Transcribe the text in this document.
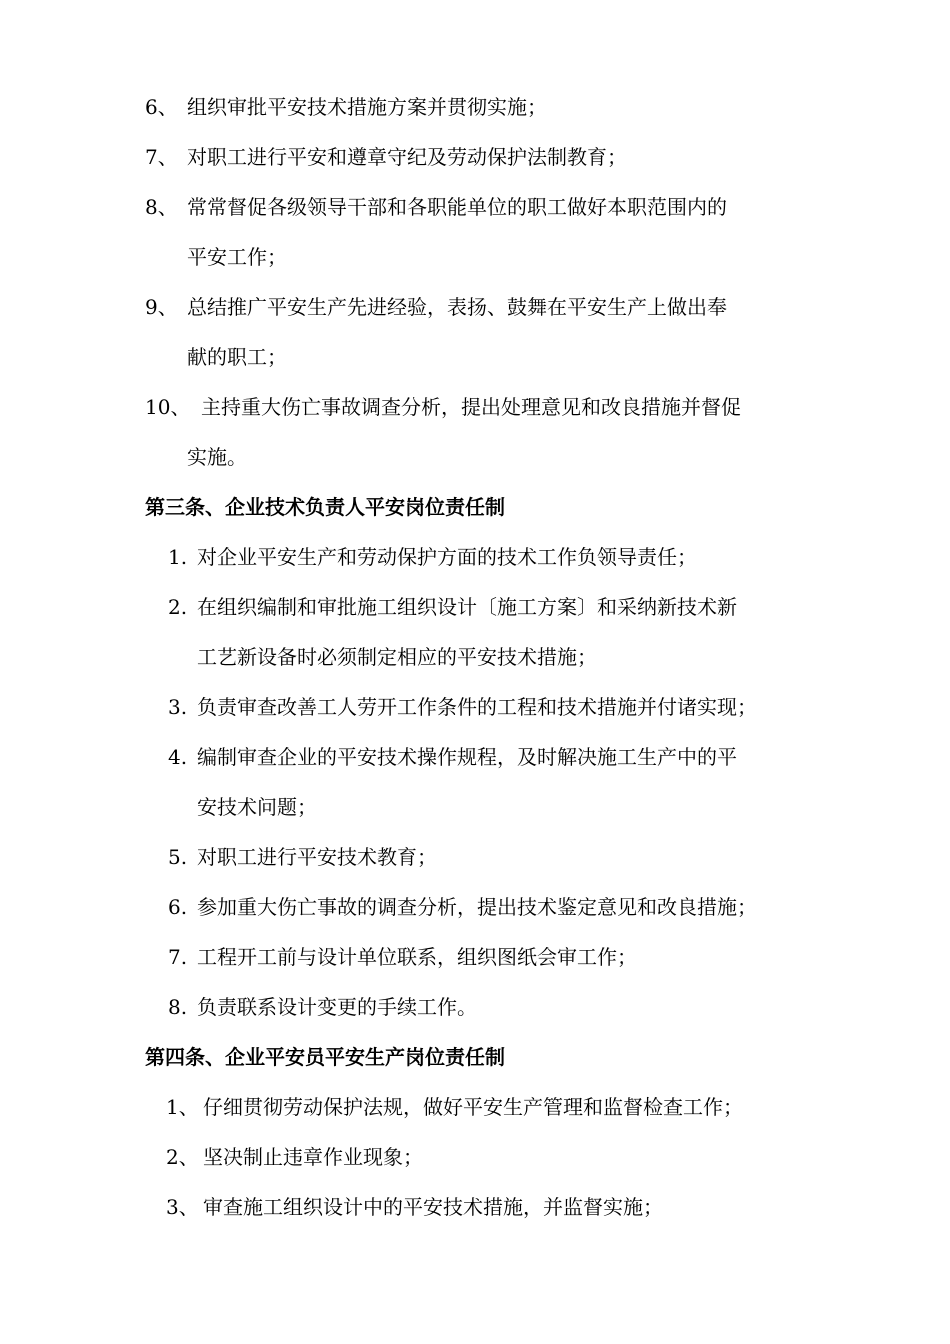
6、 组织审批平安技术措施方案并贯彻实施；
7、 对职工进行平安和遵章守纪及劳动保护法制教育；
8、 常常督促各级领导干部和各职能单位的职工做好本职范围内的
平安工作；
9、 总结推广平安生产先进经验，表扬、鼓舞在平安生产上做出奉
献的职工；
10、 主持重大伤亡事故调查分析，提出处理意见和改良措施并督促
实施。
第三条、企业技术负责人平安岗位责任制
1. 对企业平安生产和劳动保护方面的技术工作负领导责任；
2. 在组织编制和审批施工组织设计〔施工方案〕和采纳新技术新
工艺新设备时必须制定相应的平安技术措施；
3. 负责审查改善工人劳开工作条件的工程和技术措施并付诸实现；
4. 编制审查企业的平安技术操作规程，及时解决施工生产中的平
安技术问题；
5. 对职工进行平安技术教育；
6. 参加重大伤亡事故的调查分析，提出技术鉴定意见和改良措施；
7. 工程开工前与设计单位联系，组织图纸会审工作；
8. 负责联系设计变更的手续工作。
第四条、企业平安员平安生产岗位责任制
1、 仔细贯彻劳动保护法规，做好平安生产管理和监督检查工作；
2、 坚决制止违章作业现象；
3、 审查施工组织设计中的平安技术措施，并监督实施；
